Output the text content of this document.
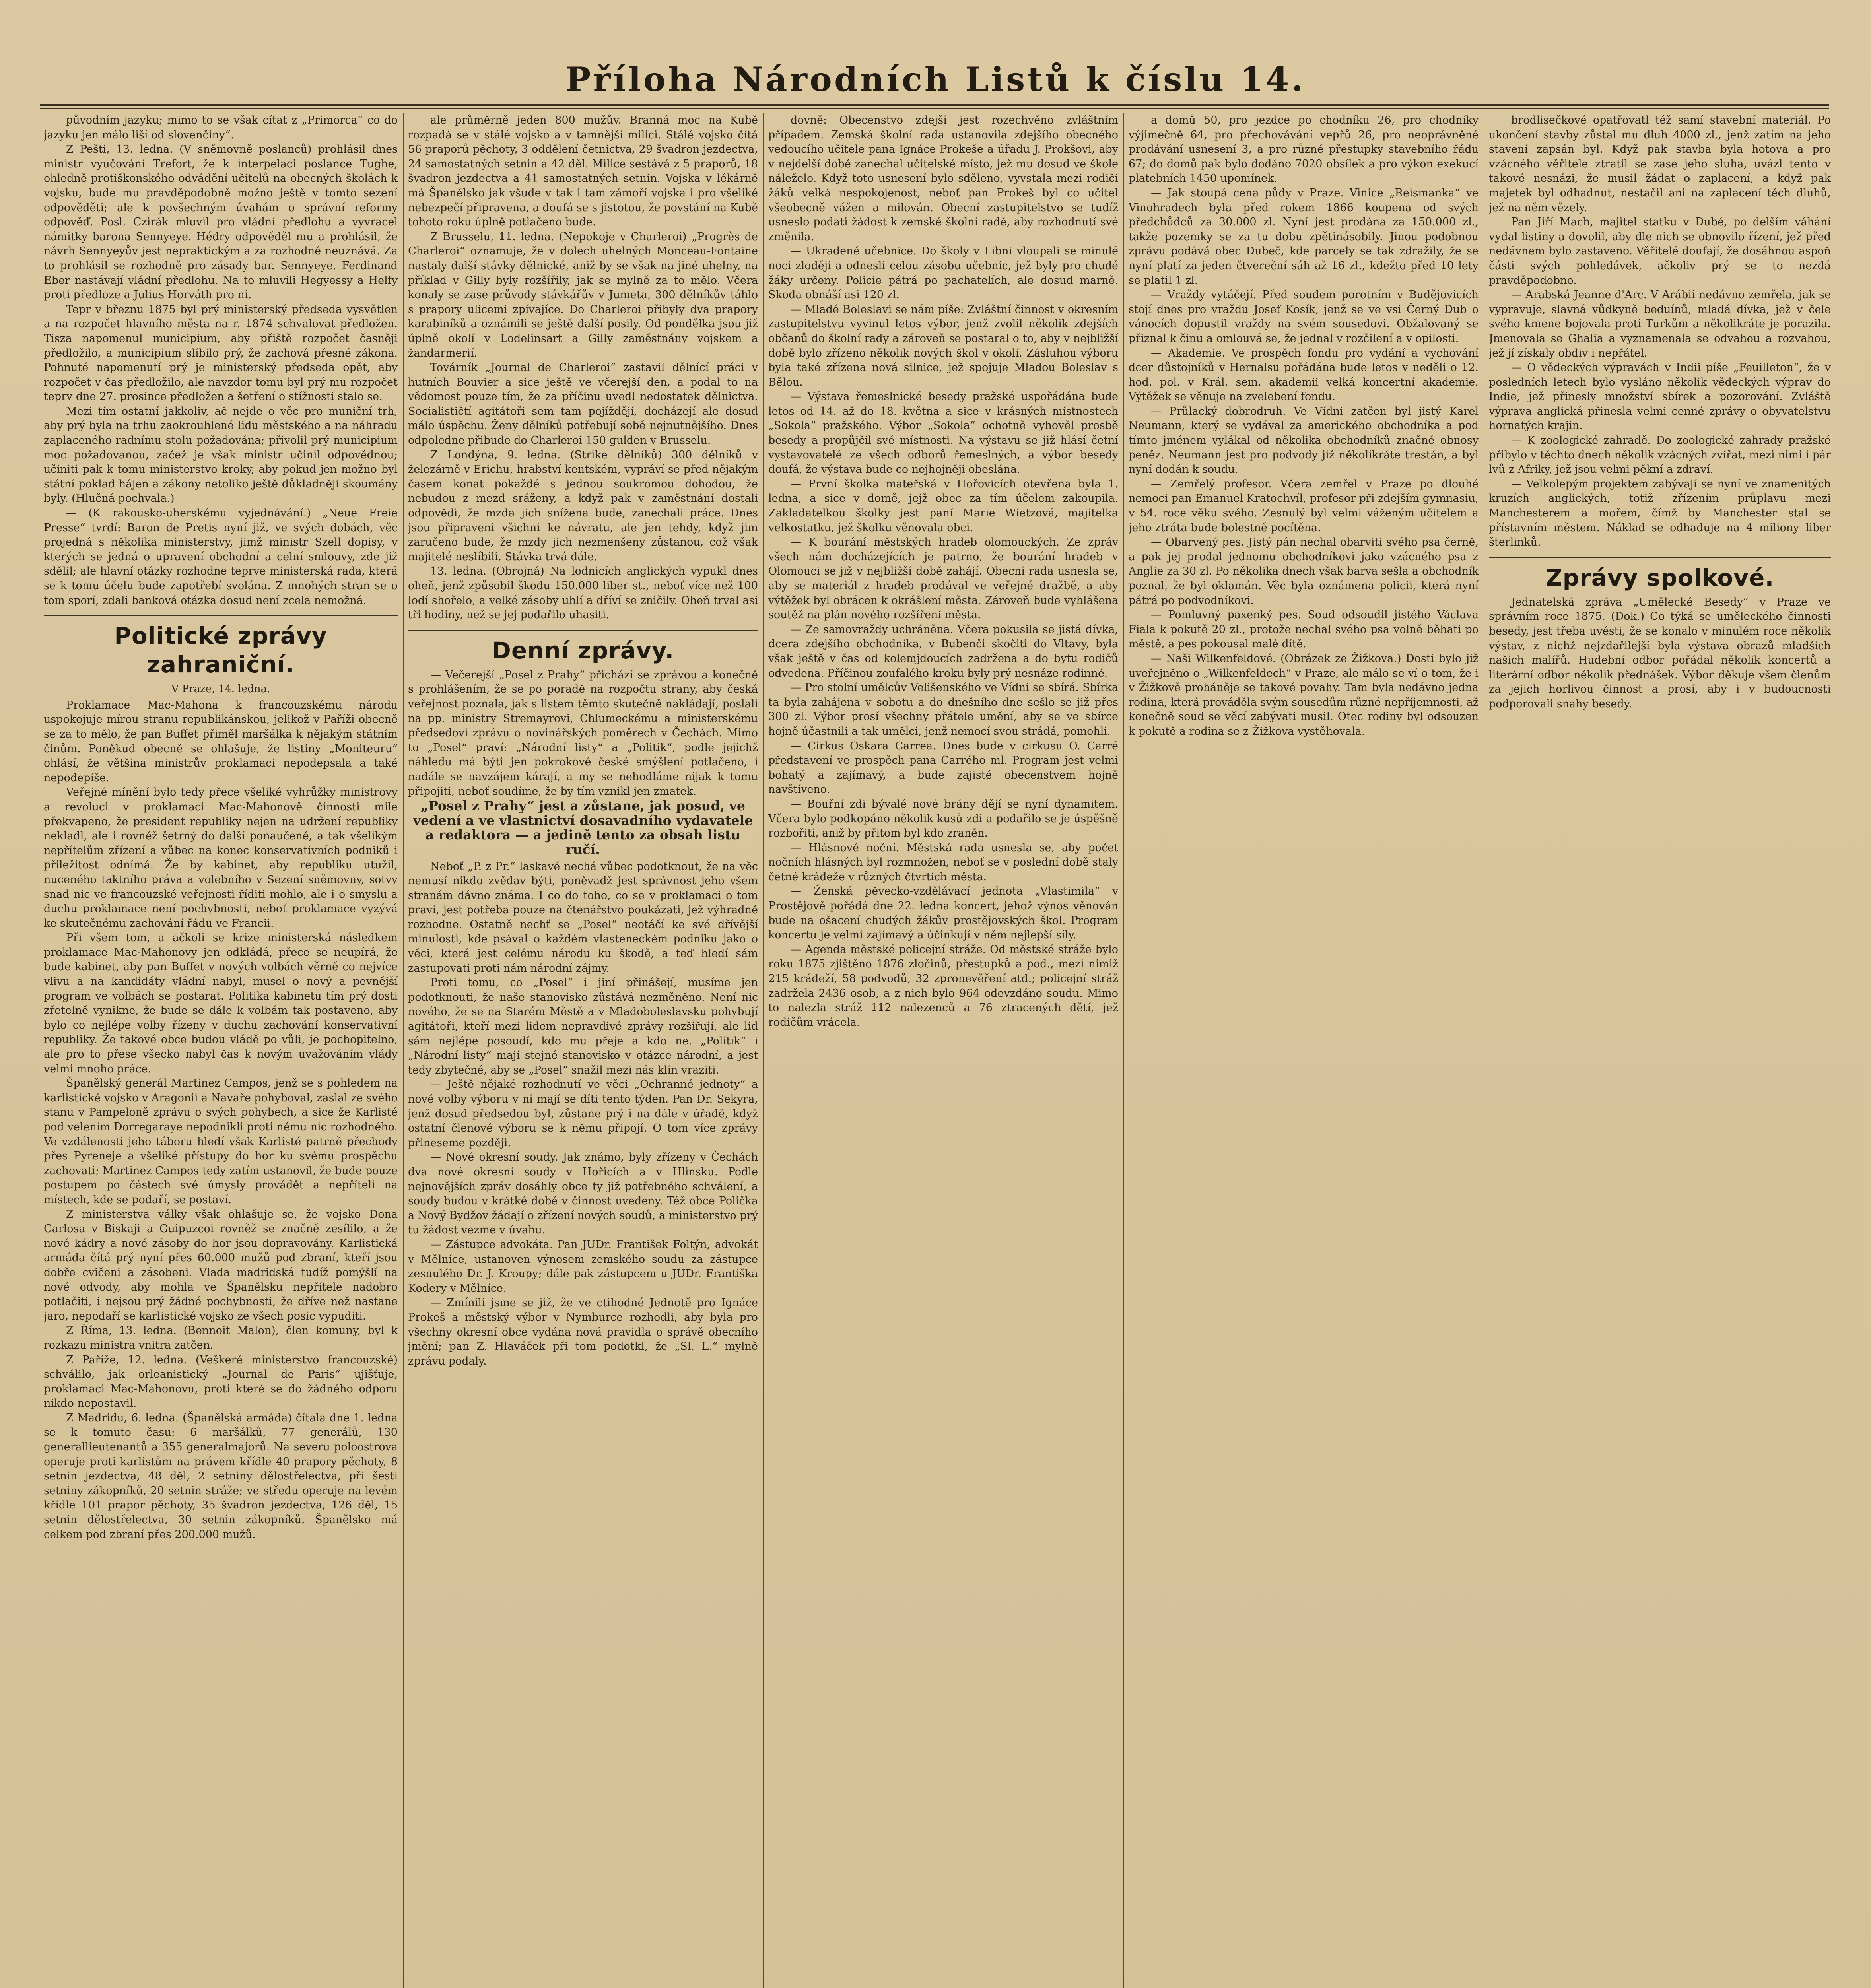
Příloha Národních Listů k číslu 14.

původním jazyku; mimo to se však cítat z „Primorca“ co do jazyku jen málo liší od slovenčiny“.

Z Pešti, 13. ledna. (V sněmovně poslanců) prohlásil dnes ministr vyučování Trefort, že k interpelaci poslance Tughe, ohledně protiškonského odvádění učitelů na obecných školách k vojsku, bude mu pravděpodobně možno ještě v tomto sezení odpověděti; ale k povšechným úvahám o správní reformy odpověď. Posl. Czirák mluvil pro vládní předlohu a vyvracel námitky barona Sennyeye. Hédry odpověděl mu a prohlásil, že návrh Sennyeyův jest nepraktickým a za rozhodné neuznává. Za to prohlásil se rozhodně pro zásady bar. Sennyeye. Ferdinand Eber nastávají vládní předlohu. Na to mluvili Hegyessy a Helfy proti předloze a Julius Horváth pro ni.

Tepr v březnu 1875 byl prý ministerský předseda vysvětlen a na rozpočet hlavního města na r. 1874 schvalovat předložen. Tisza napomenul municipium, aby přiště rozpočet časněji předložilo, a municipium slíbilo prý, že zachová přesné zákona. Pohnuté napomenutí prý je ministerský předseda opět, aby rozpočet v čas předložilo, ale navzdor tomu byl prý mu rozpočet teprv dne 27. prosince předložen a šetření o stížnosti stalo se.

Mezi tím ostatní jakkoliv, ač nejde o věc pro muniční trh, aby prý byla na trhu zaokrouhlené lidu městského a na náhradu zaplaceného radnímu stolu požadována; přivolil prý municipium moc požadovanou, začež je však ministr učinil odpovědnou; učiniti pak k tomu ministerstvo kroky, aby pokud jen možno byl státní poklad hájen a zákony netoliko ještě důkladněji skoumány byly. (Hlučná pochvala.)

— (K rakousko-uherskému vyjednávání.) „Neue Freie Presse“ tvrdí: Baron de Pretis nyní již, ve svých dobách, věc projedná s několika ministerstvy, jimž ministr Szell dopisy, v kterých se jedná o upravení obchodní a celní smlouvy, zde již sdělil; ale hlavní otázky rozhodne teprve ministerská rada, která se k tomu účelu bude zapotřebí svolána. Z mnohých stran se o tom sporí, zdali banková otázka dosud není zcela nemožná.

Politické zprávy zahraniční.
V Praze, 14. ledna.

Proklamace Mac-Mahona k francouzskému národu uspokojuje mírou stranu republikánskou, jelikož v Paříži obecně se za to mělo, že pan Buffet přiměl maršálka k nějakým státním činům. Poněkud obecně se ohlašuje, že listiny „Moniteuru“ ohlásí, že většina ministrův proklamaci nepodepsala a také nepodepíše.

Veřejné mínění bylo tedy přece všeliké vyhrůžky ministrovy a revoluci v proklamaci Mac-Mahonově činnosti mile překvapeno, že president republiky nejen na udržení republiky nekladl, ale i rovněž šetrný do další ponaučeně, a tak všelikým nepřítelům zřízení a vůbec na konec konservativních podniků i přiležitost odnímá. Že by kabinet, aby republiku utužil, nuceného taktního práva a volebního v Sezení sněmovny, sotvy snad nic ve francouzské veřejnosti říditi mohlo, ale i o smyslu a duchu proklamace není pochybnosti, neboť proklamace vyzývá ke skutečnému zachování řádu ve Francii.

Při všem tom, a ačkoli se krize ministerská následkem proklamace Mac-Mahonovy jen odkládá, přece se neupírá, že bude kabinet, aby pan Buffet v nových volbách věrně co nejvíce vlivu a na kandidáty vládní nabyl, musel o nový a pevnější program ve volbách se postarat. Politika kabinetu tím prý dosti zřetelně vynikne, že bude se dále k volbám tak postaveno, aby bylo co nejlépe volby řízeny v duchu zachování konservativní republiky. Že takové obce budou vládě po vůli, je pochopitelno, ale pro to přese všecko nabyl čas k novým uvažováním vlády velmi mnoho práce.

Španělský generál Martinez Campos, jenž se s pohledem na karlistické vojsko v Aragonii a Navaře pohyboval, zaslal ze svého stanu v Pampeloně zprávu o svých pohybech, a sice že Karlisté pod velením Dorregaraye nepodnikli proti němu nic rozhodného. Ve vzdálenosti jeho táboru hledí však Karlisté patrně přechody přes Pyreneje a všeliké přístupy do hor ku svému prospěchu zachovati; Martinez Campos tedy zatím ustanovil, že bude pouze postupem po částech své úmysly provádět a nepříteli na místech, kde se podaří, se postaví.

Z ministerstva války však ohlašuje se, že vojsko Dona Carlosa v Biskaji a Guipuzcoi rovněž se značně zesílilo, a že nové kádry a nové zásoby do hor jsou dopravovány. Karlistická armáda čítá prý nyní přes 60.000 mužů pod zbraní, kteří jsou dobře cvičeni a zásobeni. Vlada madridská tudíž pomýšlí na nové odvody, aby mohla ve Španělsku nepřítele nadobro potlačiti, i nejsou prý žádné pochybnosti, že dříve než nastane jaro, nepodaří se karlistické vojsko ze všech posic vypuditi.

Z Říma, 13. ledna. (Bennoit Malon), člen komuny, byl k rozkazu ministra vnitra zatčen.

Z Paříže, 12. ledna. (Veškeré ministerstvo francouzské) schválilo, jak orleanistický „Journal de Paris“ ujišťuje, proklamaci Mac-Mahonovu, proti které se do žádného odporu nikdo nepostavil.

Z Madridu, 6. ledna. (Španělská armáda) čítala dne 1. ledna se k tomuto času: 6 maršálků, 77 generálů, 130 generallieutenantů a 355 generalmajorů. Na severu poloostrova operuje proti karlistům na právem křídle 40 prapory pěchoty, 8 setnin jezdectva, 48 děl, 2 setniny dělostřelectva, při šesti setniny zákopníků, 20 setnin stráže; ve středu operuje na levém křídle 101 prapor pěchoty, 35 švadron jezdectva, 126 děl, 15 setnin dělostřelectva, 30 setnin zákopníků. Španělsko má celkem pod zbraní přes 200.000 mužů.

ale průměrně jeden 800 mužův. Branná moc na Kubě rozpadá se v stálé vojsko a v tamnější milici. Stálé vojsko čítá 56 praporů pěchoty, 3 oddělení četnictva, 29 švadron jezdectva, 24 samostatných setnin a 42 děl. Milice sestává z 5 praporů, 18 švadron jezdectva a 41 samostatných setnin. Vojska v lékárně má Španělsko jak všude v tak i tam zámoří vojska i pro všeliké nebezpečí připravena, a doufá se s jistotou, že povstání na Kubě tohoto roku úplně potlačeno bude.

Z Brusselu, 11. ledna. (Nepokoje v Charleroi) „Progrès de Charleroi“ oznamuje, že v dolech uhelných Monceau-Fontaine nastaly další stávky dělnické, aniž by se však na jiné uhelny, na příklad v Gilly byly rozšířily, jak se mylně za to mělo. Včera konaly se zase průvody stávkářův v Jumeta, 300 dělníkův táhlo s prapory ulicemi zpívajíce. Do Charleroi přibyly dva prapory karabiníků a oznámili se ještě další posily. Od pondělka jsou již úplně okolí v Lodelinsart a Gilly zaměstnány vojskem a žandarmerií.

Továrník „Journal de Charleroi“ zastavil dělnící práci v hutních Bouvier a sice ještě ve včerejší den, a podal to na vědomost pouze tím, že za příčinu uvedl nedostatek dělnictva. Socialističtí agitátoři sem tam pojíždějí, docházejí ale dosud málo úspěchu. Ženy dělníků potřebují sobě nejnutnějšího. Dnes odpoledne přibude do Charleroi 150 gulden v Brusselu.

Z Londýna, 9. ledna. (Strike dělníků) 300 dělníků v železárně v Erichu, hrabství kentském, vypráví se před nějakým časem konat pokaždé s jednou soukromou dohodou, že nebudou z mezd sráženy, a když pak v zaměstnání dostali odpovědi, že mzda jich snížena bude, zanechali práce. Dnes jsou připraveni všichni ke návratu, ale jen tehdy, když jim zaručeno bude, že mzdy jich nezmenšeny zůstanou, což však majitelé neslíbili. Stávka trvá dále.

13. ledna. (Obrojná) Na lodnicích anglických vypukl dnes oheň, jenž způsobil škodu 150.000 liber st., neboť více než 100 lodí shořelo, a velké zásoby uhlí a dříví se zničily. Oheň trval asi tři hodiny, než se jej podařilo uhasiti.

Denní zprávy.

— Večerejší „Posel z Prahy“ přichází se zprávou a konečně s prohlášením, že se po poradě na rozpočtu strany, aby česká veřejnost poznala, jak s listem těmto skutečně nakládají, poslali na pp. ministry Stremayrovi, Chlumeckému a ministerskému předsedovi zprávu o novinářských poměrech v Čechách. Mimo to „Posel“ praví: „Národní listy“ a „Politik“, podle jejichž náhledu má býti jen pokrokové české smýšlení potlačeno, i nadále se navzájem kárají, a my se nehodláme nijak k tomu připojiti, neboť soudíme, že by tím vznikl jen zmatek.

„Posel z Prahy“ jest a zůstane, jak posud, ve vedení a ve vlastnictví dosavadního vydavatele a redaktora — a jedině tento za obsah listu ručí.

Neboť „P. z Pr.“ laskavé nechá vůbec podotknout, že na věc nemusí nikdo zvědav býti, poněvadž jest správnost jeho všem stranám dávno známa. I co do toho, co se v proklamaci o tom praví, jest potřeba pouze na čtenářstvo poukázati, jež výhradně rozhodne. Ostatně nechť se „Posel“ neotáčí ke své dřívější minulosti, kde psával o každém vlasteneckém podniku jako o věci, která jest celému národu ku škodě, a teď hledí sám zastupovati proti nám národní zájmy.

Proti tomu, co „Posel“ i jiní přinášejí, musíme jen podotknouti, že naše stanovisko zůstává nezměněno. Není nic nového, že se na Starém Městě a v Mladoboleslavsku pohybují agitátoři, kteří mezi lidem nepravdivé zprávy rozšiřují, ale lid sám nejlépe posoudí, kdo mu přeje a kdo ne. „Politik“ i „Národní listy“ mají stejné stanovisko v otázce národní, a jest tedy zbytečné, aby se „Posel“ snažil mezi nás klín vraziti.

— Ještě nějaké rozhodnutí ve věci „Ochranné jednoty“ a nové volby výboru v ní mají se díti tento týden. Pan Dr. Sekyra, jenž dosud předsedou byl, zůstane prý i na dále v úřadě, když ostatní členové výboru se k němu připojí. O tom více zprávy přineseme později.

— Nové okresní soudy. Jak známo, byly zřízeny v Čechách dva nové okresní soudy v Hořicích a v Hlinsku. Podle nejnovějších zpráv dosáhly obce ty již potřebného schválení, a soudy budou v krátké době v činnost uvedeny. Též obce Polička a Nový Bydžov žádají o zřízení nových soudů, a ministerstvo prý tu žádost vezme v úvahu.

— Zástupce advokáta. Pan JUDr. František Foltýn, advokát v Mělníce, ustanoven výnosem zemského soudu za zástupce zesnulého Dr. J. Kroupy; dále pak zástupcem u JUDr. Františka Kodery v Mělníce.

— Zmínili jsme se již, že ve ctihodné Jednotě pro Ignáce Prokeš a městský výbor v Nymburce rozhodli, aby byla pro všechny okresní obce vydána nová pravidla o správě obecního jmění; pan Z. Hlaváček při tom podotkl, že „Sl. L.“ mylně zprávu podaly.

dovně: Obecenstvo zdejší jest rozechvěno zvláštním případem. Zemská školní rada ustanovila zdejšího obecného vedoucího učitele pana Ignáce Prokeše a úřadu J. Prokšovi, aby v nejdelší době zanechal učitelské místo, jež mu dosud ve škole náleželo. Když toto usnesení bylo sděleno, vyvstala mezi rodiči žáků velká nespokojenost, neboť pan Prokeš byl co učitel všeobecně vážen a milován. Obecní zastupitelstvo se tudíž usneslo podati žádost k zemské školní radě, aby rozhodnutí své změnila.

— Ukradené učebnice. Do školy v Libni vloupali se minulé noci zloději a odnesli celou zásobu učebnic, jež byly pro chudé žáky určeny. Policie pátrá po pachatelích, ale dosud marně. Škoda obnáší asi 120 zl.

— Mladé Boleslavi se nám píše: Zvláštní činnost v okresním zastupitelstvu vyvinul letos výbor, jenž zvolil několik zdejších občanů do školní rady a zároveň se postaral o to, aby v nejbližší době bylo zřízeno několik nových škol v okolí. Zásluhou výboru byla také zřízena nová silnice, jež spojuje Mladou Boleslav s Bělou.

— Výstava řemeslnické besedy pražské uspořádána bude letos od 14. až do 18. května a sice v krásných místnostech „Sokola“ pražského. Výbor „Sokola“ ochotně vyhověl prosbě besedy a propůjčil své místnosti. Na výstavu se již hlásí četní vystavovatelé ze všech odborů řemeslných, a výbor besedy doufá, že výstava bude co nejhojněji obeslána.

— První školka mateřská v Hořovicích otevřena byla 1. ledna, a sice v domě, jejž obec za tím účelem zakoupila. Zakladatelkou školky jest paní Marie Wietzová, majitelka velkostatku, jež školku věnovala obci.

— K bourání městských hradeb olomouckých. Ze zpráv všech nám docházejících je patrno, že bourání hradeb v Olomouci se již v nejbližší době zahájí. Obecní rada usnesla se, aby se materiál z hradeb prodával ve veřejné dražbě, a aby výtěžek byl obrácen k okrášlení města. Zároveň bude vyhlášena soutěž na plán nového rozšíření města.

— Ze samovraždy uchráněna. Včera pokusila se jistá dívka, dcera zdejšího obchodníka, v Bubenči skočiti do Vltavy, byla však ještě v čas od kolemjdoucích zadržena a do bytu rodičů odvedena. Příčinou zoufalého kroku byly prý nesnáze rodinné.

— Pro stolní umělcův Velišenského ve Vídni se sbírá. Sbírka ta byla zahájena v sobotu a do dnešního dne sešlo se již přes 300 zl. Výbor prosí všechny přátele umění, aby se ve sbírce hojně účastnili a tak umělci, jenž nemocí svou strádá, pomohli.

— Cirkus Oskara Carrea. Dnes bude v cirkusu O. Carré představení ve prospěch pana Carrého ml. Program jest velmi bohatý a zajímavý, a bude zajisté obecenstvem hojně navštíveno.

— Bouřní zdi bývalé nové brány dějí se nyní dynamitem. Včera bylo podkopáno několik kusů zdi a podařilo se je úspěšně rozbořiti, aniž by přitom byl kdo zraněn.

— Hlásnové noční. Městská rada usnesla se, aby počet nočních hlásných byl rozmnožen, neboť se v poslední době staly četné krádeže v různých čtvrtích města.

— Ženská pěvecko-vzdělávací jednota „Vlastimila“ v Prostějově pořádá dne 22. ledna koncert, jehož výnos věnován bude na ošacení chudých žákův prostějovských škol. Program koncertu je velmi zajímavý a účinkují v něm nejlepší síly.

— Agenda městské policejní stráže. Od městské stráže bylo roku 1875 zjištěno 1876 zločinů, přestupků a pod., mezi nimiž 215 krádeží, 58 podvodů, 32 zpronevěření atd.; policejní stráž zadržela 2436 osob, a z nich bylo 964 odevzdáno soudu. Mimo to nalezla stráž 112 nalezenců a 76 ztracených dětí, jež rodičům vrácela.

a domů 50, pro jezdce po chodníku 26, pro chodníky výjimečně 64, pro přechovávání vepřů 26, pro neoprávněné prodávání usnesení 3, a pro různé přestupky stavebního řádu 67; do domů pak bylo dodáno 7020 obsílek a pro výkon exekucí platebních 1450 upomínek.

— Jak stoupá cena půdy v Praze. Vinice „Reismanka“ ve Vinohradech byla před rokem 1866 koupena od svých předchůdců za 30.000 zl. Nyní jest prodána za 150.000 zl., takže pozemky se za tu dobu zpětinásobily. Jinou podobnou zprávu podává obec Dubeč, kde parcely se tak zdražily, že se nyní platí za jeden čtvereční sáh až 16 zl., kdežto před 10 lety se platil 1 zl.

— Vraždy vytáčejí. Před soudem porotním v Budějovicích stojí dnes pro vraždu Josef Kosík, jenž se ve vsi Černý Dub o vánocích dopustil vraždy na svém sousedovi. Obžalovaný se přiznal k činu a omlouvá se, že jednal v rozčilení a v opilosti.

— Akademie. Ve prospěch fondu pro vydání a vychování dcer důstojníků v Hernalsu pořádána bude letos v neděli o 12. hod. pol. v Král. sem. akademii velká koncertní akademie. Výtěžek se věnuje na zvelebení fondu.

— Průlacký dobrodruh. Ve Vídni zatčen byl jistý Karel Neumann, který se vydával za amerického obchodníka a pod tímto jménem vylákal od několika obchodníků značné obnosy peněz. Neumann jest pro podvody již několikráte trestán, a byl nyní dodán k soudu.

— Zemřelý profesor. Včera zemřel v Praze po dlouhé nemoci pan Emanuel Kratochvíl, profesor při zdejším gymnasiu, v 54. roce věku svého. Zesnulý byl velmi váženým učitelem a jeho ztráta bude bolestně pocítěna.

— Obarvený pes. Jistý pán nechal obarviti svého psa černě, a pak jej prodal jednomu obchodníkovi jako vzácného psa z Anglie za 30 zl. Po několika dnech však barva sešla a obchodník poznal, že byl oklamán. Věc byla oznámena policii, která nyní pátrá po podvodníkovi.

— Pomluvný paxenký pes. Soud odsoudil jistého Václava Fiala k pokutě 20 zl., protože nechal svého psa volně běhati po městě, a pes pokousal malé dítě.

— Naši Wilkenfeldové. (Obrázek ze Žižkova.) Dosti bylo již uveřejněno o „Wilkenfeldech“ v Praze, ale málo se ví o tom, že i v Žižkově proháněje se takové povahy. Tam byla nedávno jedna rodina, která prováděla svým sousedům různé nepříjemnosti, až konečně soud se věcí zabývati musil. Otec rodiny byl odsouzen k pokutě a rodina se z Žižkova vystěhovala.

brodlisečkové opatřovatl též samí stavební materiál. Po ukončení stavby zůstal mu dluh 4000 zl., jenž zatím na jeho stavení zapsán byl. Když pak stavba byla hotova a pro vzácného věřitele ztratil se zase jeho sluha, uvázl tento v takové nesnázi, že musil žádat o zaplacení, a když pak majetek byl odhadnut, nestačil ani na zaplacení těch dluhů, jež na něm vězely.

Pan Jiří Mach, majitel statku v Dubé, po delším váhání vydal listiny a dovolil, aby dle nich se obnovilo řízení, jež před nedávnem bylo zastaveno. Věřitelé doufají, že dosáhnou aspoň části svých pohledávek, ačkoliv prý se to nezdá pravděpodobno.

— Arabská Jeanne d'Arc. V Arábii nedávno zemřela, jak se vypravuje, slavná vůdkyně beduínů, mladá dívka, jež v čele svého kmene bojovala proti Turkům a několikráte je porazila. Jmenovala se Ghalia a vyznamenala se odvahou a rozvahou, jež jí získaly obdiv i nepřátel.

— O vědeckých výpravách v Indii píše „Feuilleton“, že v posledních letech bylo vysláno několik vědeckých výprav do Indie, jež přinesly množství sbírek a pozorování. Zvláště výprava anglická přinesla velmi cenné zprávy o obyvatelstvu hornatých krajin.

— K zoologické zahradě. Do zoologické zahrady pražské přibylo v těchto dnech několik vzácných zvířat, mezi nimi i pár lvů z Afriky, jež jsou velmi pěkní a zdraví.

— Velkolepým projektem zabývají se nyní ve znamenitých kruzích anglických, totiž zřízením průplavu mezi Manchesterem a mořem, čímž by Manchester stal se přístavním městem. Náklad se odhaduje na 4 miliony liber šterlinků.

Zprávy spolkové.

Jednatelská zpráva „Umělecké Besedy“ v Praze ve správním roce 1875. (Dok.) Co týká se uměleckého činnosti besedy, jest třeba uvésti, že se konalo v minulém roce několik výstav, z nichž nejzdařilejší byla výstava obrazů mladších našich malířů. Hudební odbor pořádal několik koncertů a literární odbor několik přednášek. Výbor děkuje všem členům za jejich horlivou činnost a prosí, aby i v budoucnosti podporovali snahy besedy.
